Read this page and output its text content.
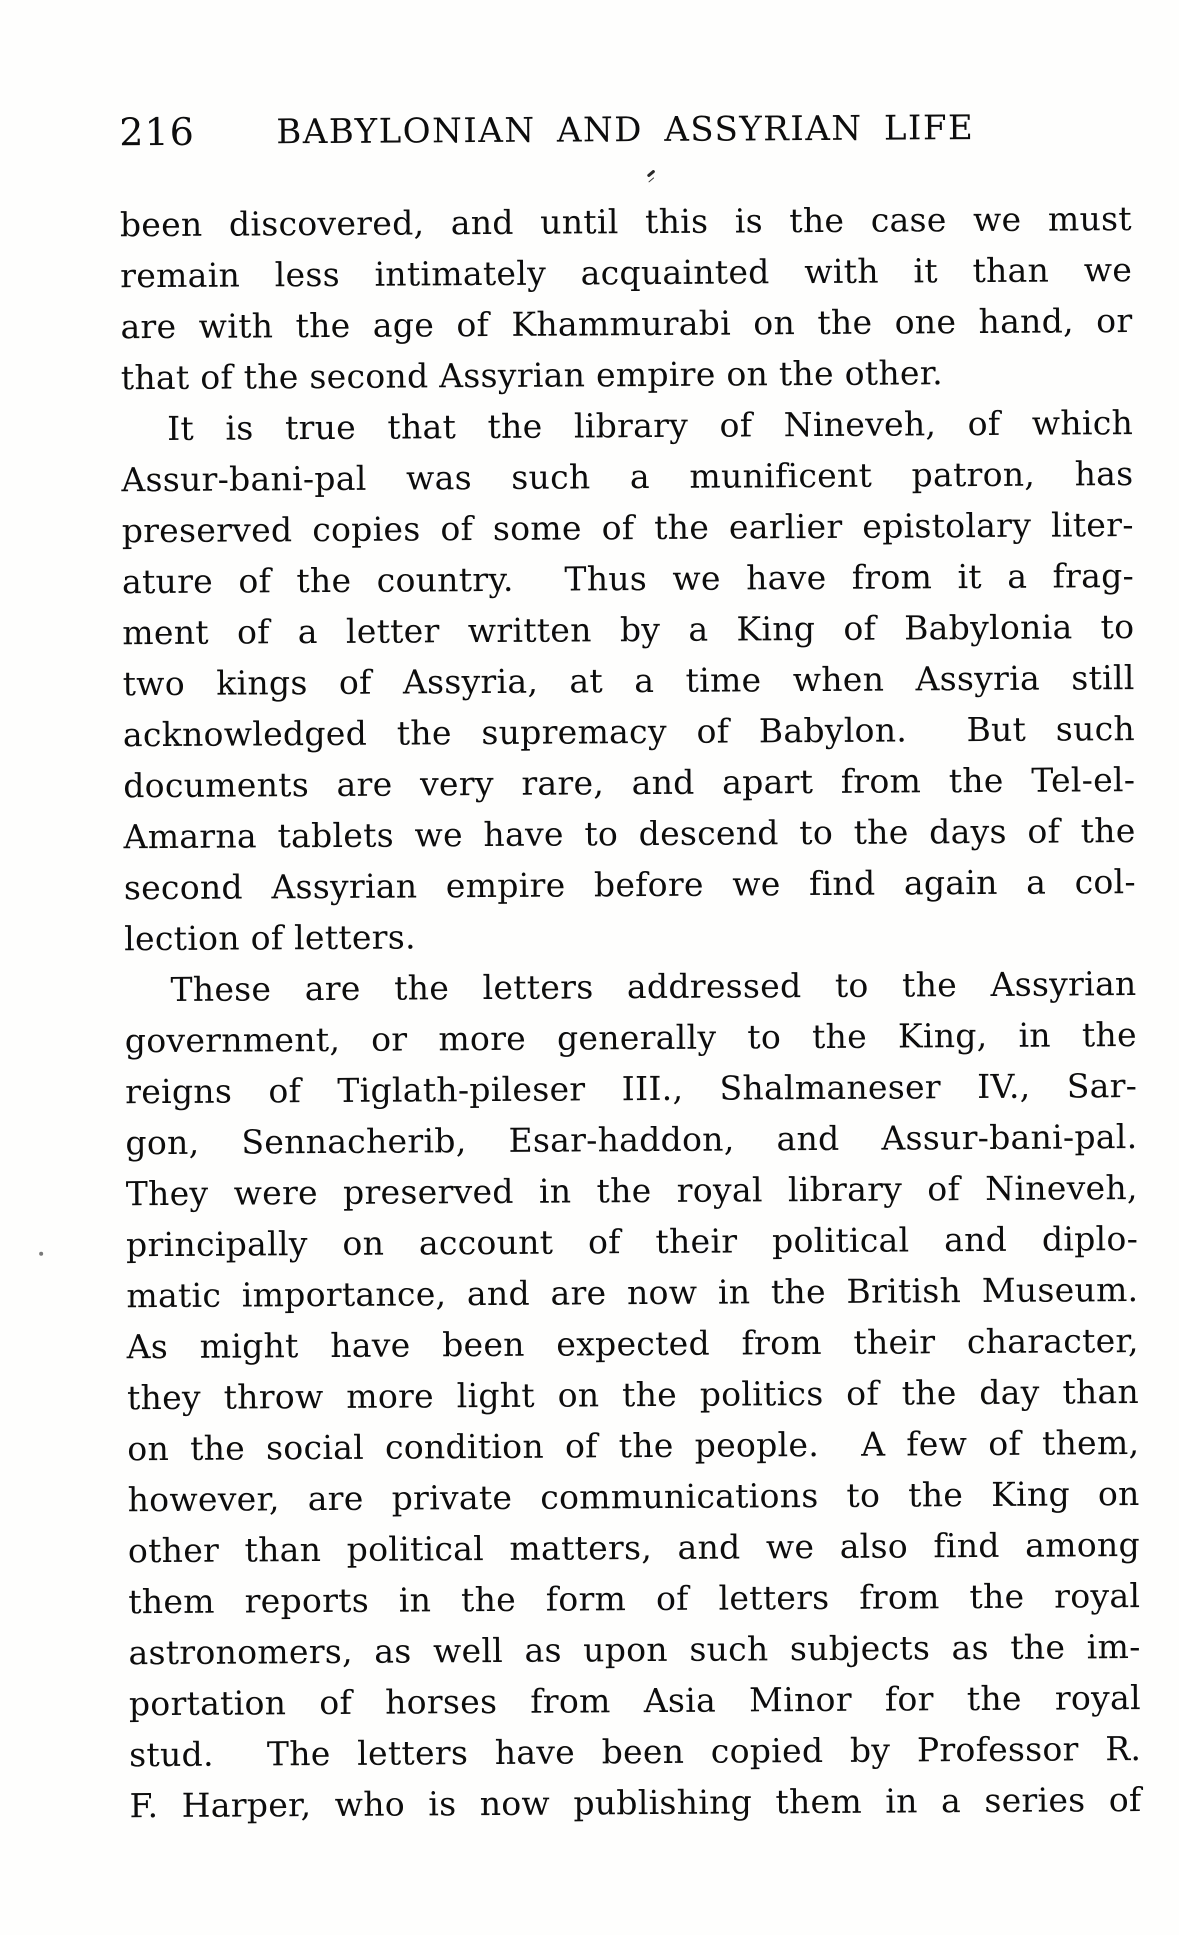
216	BABYLONIAN AND ASSYRIAN LIFE
been discovered, and until this is the case we must
remain less intimately acquainted with it than we
are with the age of Khammurabi on the one hand, or
that of the second Assyrian empire on the other.
It is true that the library of Nineveh, of which
Assur-bani-pal was such a munificent patron, has
preserved copies of some of the earlier epistolary liter-
ature of the country.  Thus we have from it a frag-
ment of a letter written by a King of Babylonia to
two kings of Assyria, at a time when Assyria still
acknowledged the supremacy of Babylon.  But such
documents are very rare, and apart from the Tel-el-
Amarna tablets we have to descend to the days of the
second Assyrian empire before we find again a col-
lection of letters.
These are the letters addressed to the Assyrian
government, or more generally to the King, in the
reigns of Tiglath-pileser III., Shalmaneser IV., Sar-
gon, Sennacherib, Esar-haddon, and Assur-bani-pal.
They were preserved in the royal library of Nineveh,
principally on account of their political and diplo-
matic importance, and are now in the British Museum.
As might have been expected from their character,
they throw more light on the politics of the day than
on the social condition of the people.  A few of them,
however, are private communications to the King on
other than political matters, and we also find among
them reports in the form of letters from the royal
astronomers, as well as upon such subjects as the im-
portation of horses from Asia Minor for the royal
stud.  The letters have been copied by Professor R.
F. Harper, who is now publishing them in a series of
